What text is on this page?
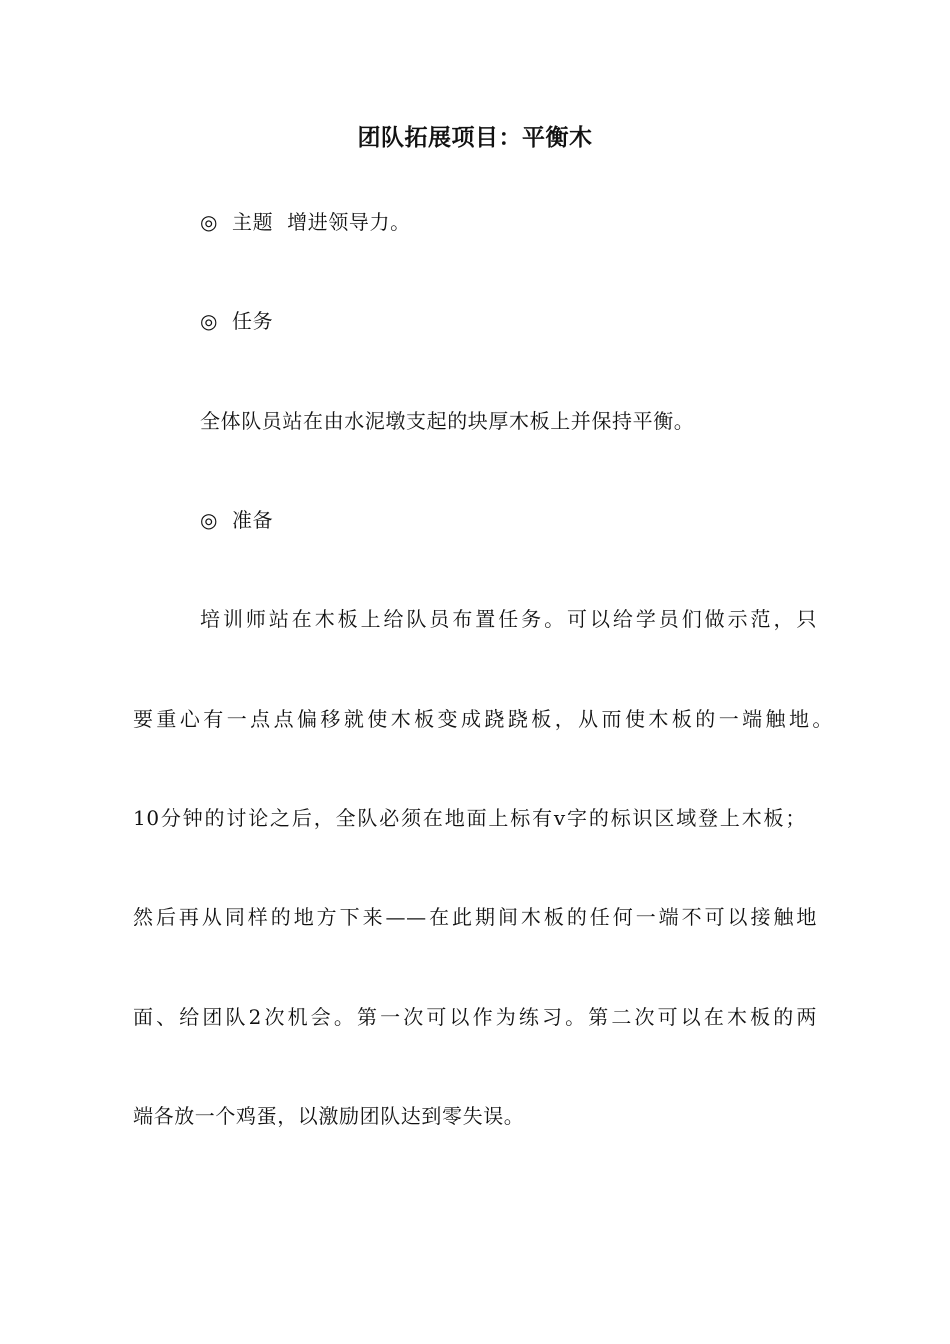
团队拓展项目：平衡木
◎ 主题  增进领导力。
◎ 任务
全体队员站在由水泥墩支起的块厚木板上并保持平衡。
◎ 准备
培训师站在木板上给队员布置任务。可以给学员们做示范，只
要重心有一点点偏移就使木板变成跷跷板，从而使木板的一端触地。
10分钟的讨论之后，全队必须在地面上标有v字的标识区域登上木板；
然后再从同样的地方下来——在此期间木板的任何一端不可以接触地
面、给团队2次机会。第一次可以作为练习。第二次可以在木板的两
端各放一个鸡蛋，以激励团队达到零失误。
